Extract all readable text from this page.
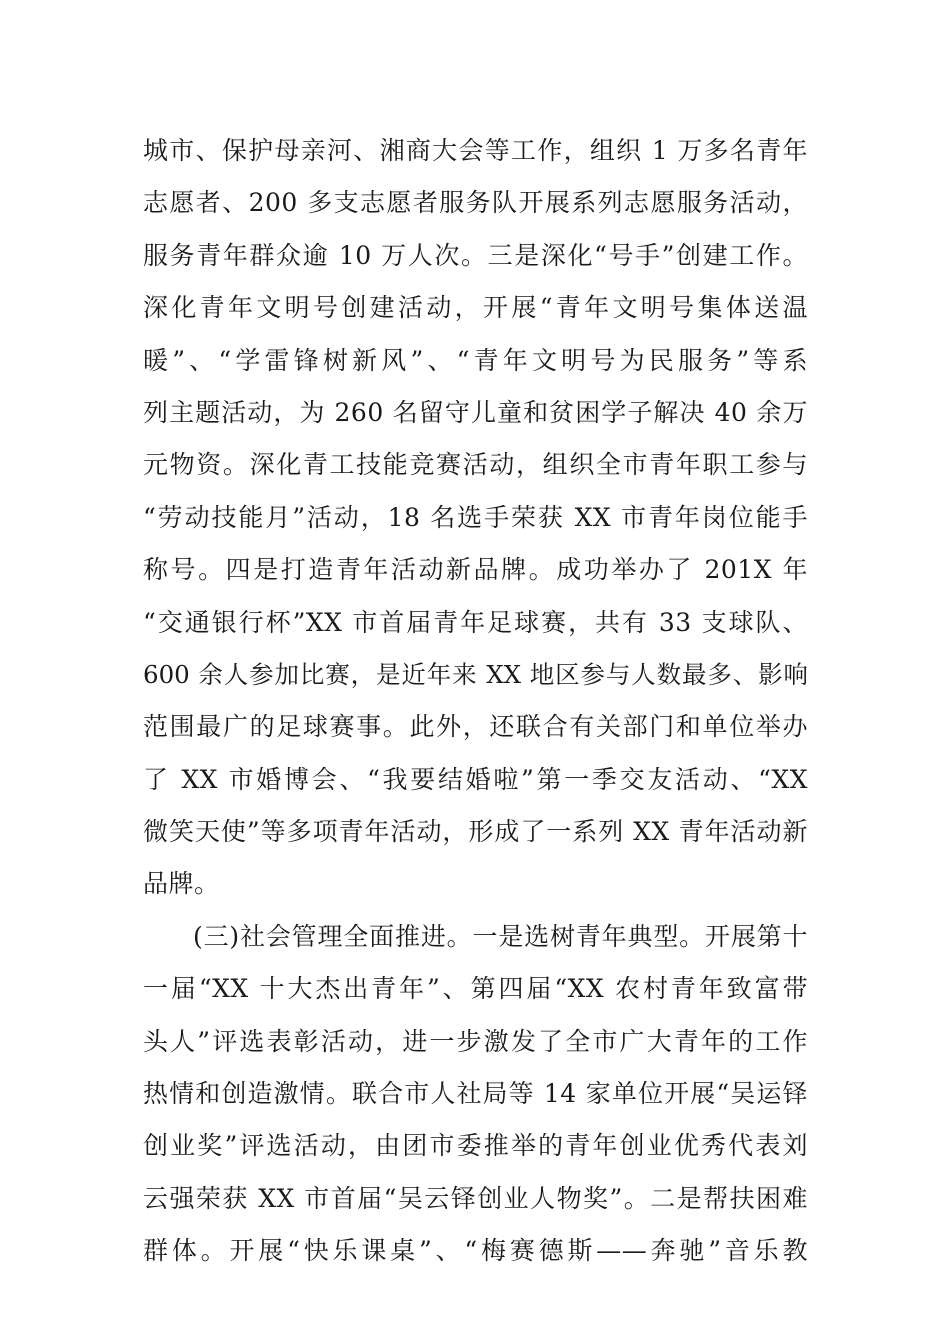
城市、保护母亲河、湘商大会等工作，组织 1 万多名青年
志愿者、200 多支志愿者服务队开展系列志愿服务活动，
服务青年群众逾 10 万人次。三是深化“号手”创建工作。
深化青年文明号创建活动，开展“青年文明号集体送温
暖”、“学雷锋树新风”、“青年文明号为民服务”等系
列主题活动，为 260 名留守儿童和贫困学子解决 40 余万
元物资。深化青工技能竞赛活动，组织全市青年职工参与
“劳动技能月”活动，18 名选手荣获 XX 市青年岗位能手
称号。四是打造青年活动新品牌。成功举办了 201X 年
“交通银行杯”XX 市首届青年足球赛，共有 33 支球队、
600 余人参加比赛，是近年来 XX 地区参与人数最多、影响
范围最广的足球赛事。此外，还联合有关部门和单位举办
了 XX 市婚博会、“我要结婚啦”第一季交友活动、“XX
微笑天使”等多项青年活动，形成了一系列 XX 青年活动新
品牌。
(三)社会管理全面推进。一是选树青年典型。开展第十
一届“XX 十大杰出青年”、第四届“XX 农村青年致富带
头人”评选表彰活动，进一步激发了全市广大青年的工作
热情和创造激情。联合市人社局等 14 家单位开展“吴运铎
创业奖”评选活动，由团市委推举的青年创业优秀代表刘
云强荣获 XX 市首届“吴云铎创业人物奖”。二是帮扶困难
群体。开展“快乐课桌”、“梅赛德斯——奔驰”音乐教
